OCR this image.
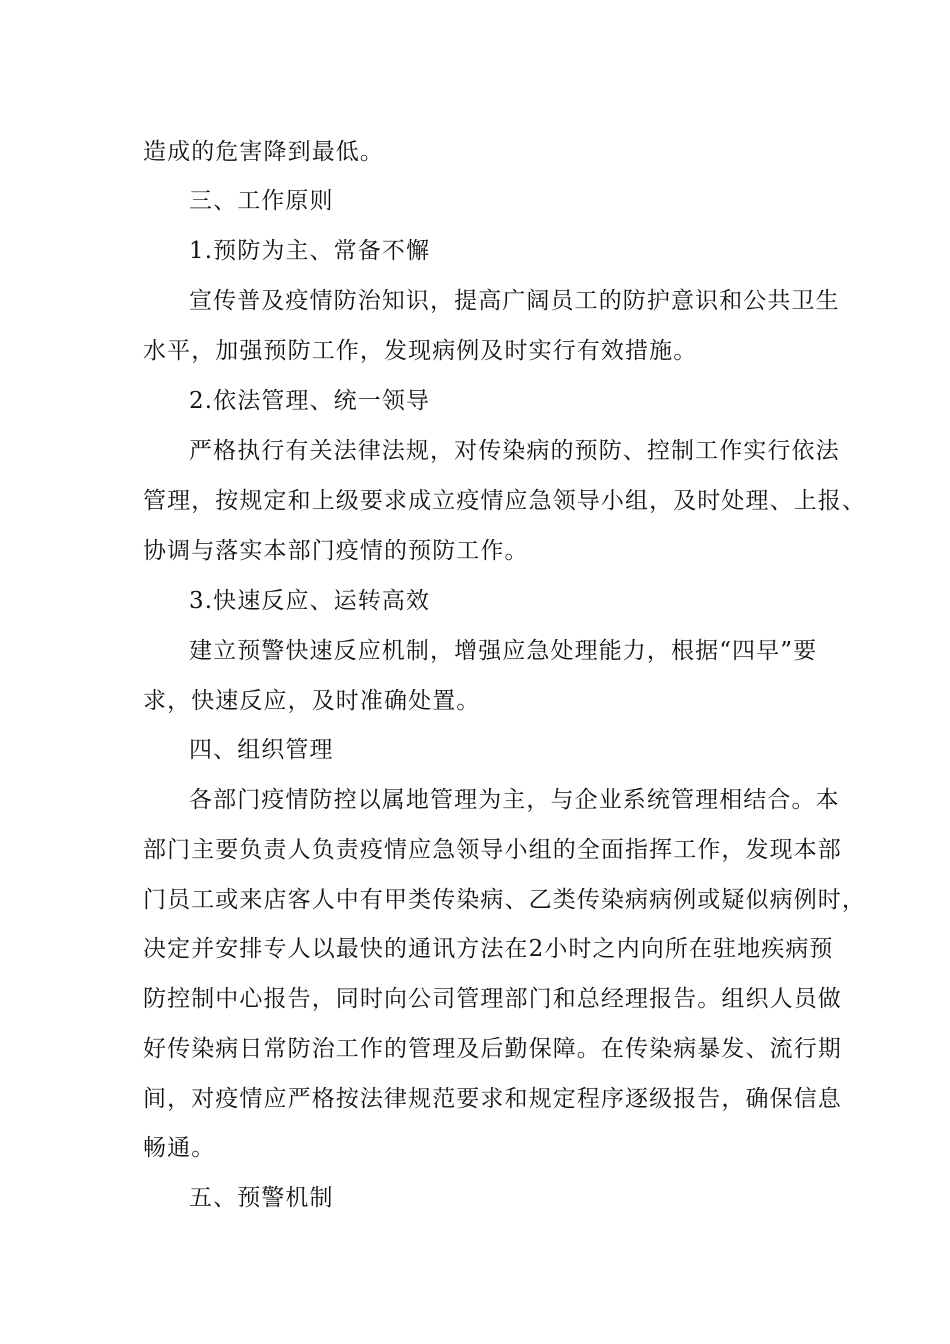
造成的危害降到最低。
三、工作原则
1.预防为主、常备不懈
宣传普及疫情防治知识，提高广阔员工的防护意识和公共卫生
水平，加强预防工作，发现病例及时实行有效措施。
2.依法管理、统一领导
严格执行有关法律法规，对传染病的预防、控制工作实行依法
管理，按规定和上级要求成立疫情应急领导小组，及时处理、上报、
协调与落实本部门疫情的预防工作。
3.快速反应、运转高效
建立预警快速反应机制，增强应急处理能力，根据“四早”要
求，快速反应，及时准确处置。
四、组织管理
各部门疫情防控以属地管理为主，与企业系统管理相结合。本
部门主要负责人负责疫情应急领导小组的全面指挥工作，发现本部
门员工或来店客人中有甲类传染病、乙类传染病病例或疑似病例时，
决定并安排专人以最快的通讯方法在2小时之内向所在驻地疾病预
防控制中心报告，同时向公司管理部门和总经理报告。组织人员做
好传染病日常防治工作的管理及后勤保障。在传染病暴发、流行期
间，对疫情应严格按法律规范要求和规定程序逐级报告，确保信息
畅通。
五、预警机制
